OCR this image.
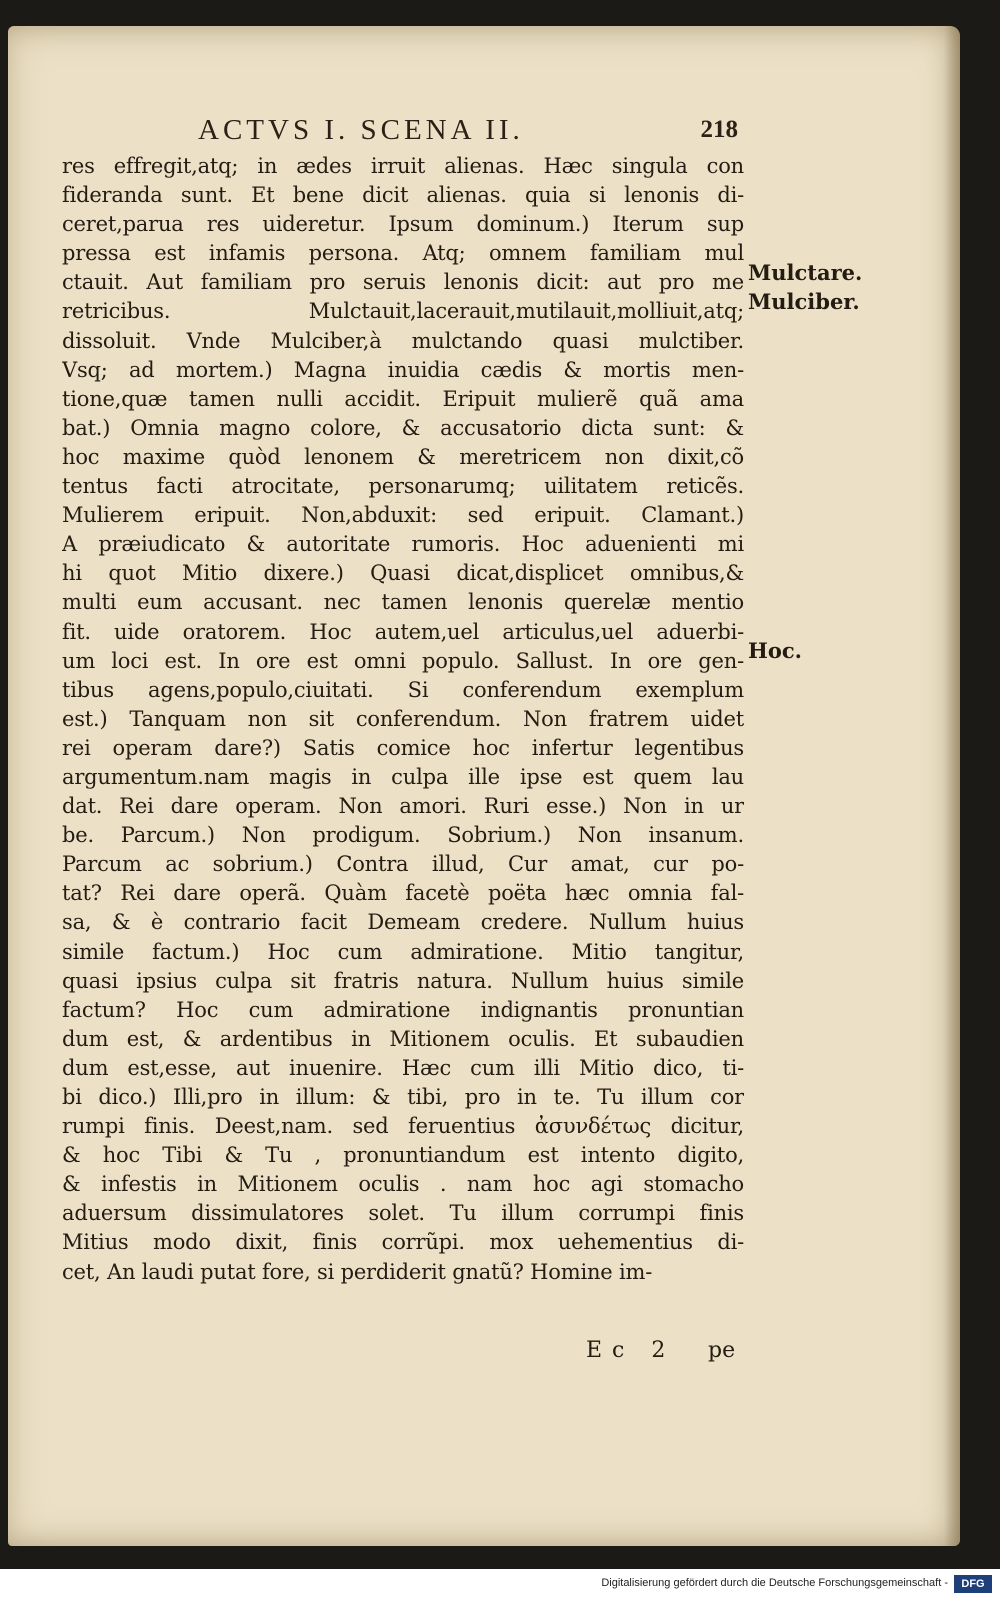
ACTVS I. SCENA II.	218
res effregit,atq; in ædes irruit alienas. Hæc singula con
fideranda sunt. Et bene dicit alienas. quia si lenonis di-
ceret,parua res uideretur. Ipsum dominum.) Iterum sup
pressa est infamis persona. Atq; omnem familiam mul
ctauit. Aut familiam pro seruis lenonis dicit: aut pro me
retricibus. Mulctauit,lacerauit,mutilauit,molliuit,atq;
dissoluit. Vnde Mulciber,à mulctando quasi mulctiber.
Vsq; ad mortem.) Magna inuidia cædis & mortis men-
tione,quæ tamen nulli accidit. Eripuit mulierẽ quã ama
bat.) Omnia magno colore, & accusatorio dicta sunt: &
hoc maxime quòd lenonem & meretricem non dixit,cõ
tentus facti atrocitate, personarumq; uilitatem reticẽs.
Mulierem eripuit. Non,abduxit: sed eripuit. Clamant.)
A præiudicato & autoritate rumoris. Hoc aduenienti mi
hi quot Mitio dixere.) Quasi dicat,displicet omnibus,&
multi eum accusant. nec tamen lenonis querelæ mentio
fit. uide oratorem. Hoc autem,uel articulus,uel aduerbi-
um loci est. In ore est omni populo. Sallust. In ore gen-
tibus agens,populo,ciuitati. Si conferendum exemplum
est.) Tanquam non sit conferendum. Non fratrem uidet
rei operam dare?) Satis comice hoc infertur legentibus
argumentum.nam magis in culpa ille ipse est quem lau
dat. Rei dare operam. Non amori. Ruri esse.) Non in ur
be. Parcum.) Non prodigum. Sobrium.) Non insanum.
Parcum ac sobrium.) Contra illud, Cur amat, cur po-
tat? Rei dare operã. Quàm facetè poëta hæc omnia fal-
sa, & è contrario facit Demeam credere. Nullum huius
simile factum.) Hoc cum admiratione. Mitio tangitur,
quasi ipsius culpa sit fratris natura. Nullum huius simile
factum? Hoc cum admiratione indignantis pronuntian
dum est, & ardentibus in Mitionem oculis. Et subaudien
dum est,esse, aut inuenire. Hæc cum illi Mitio dico, ti-
bi dico.) Illi,pro in illum: & tibi, pro in te. Tu illum cor
rumpi finis. Deest,nam. sed feruentius ἀσυνδέτως dicitur,
& hoc Tibi & Tu , pronuntiandum est intento digito,
& infestis in Mitionem oculis . nam hoc agi stomacho
aduersum dissimulatores solet. Tu illum corrumpi finis
Mitius modo dixit, finis corrũpi. mox uehementius di-
cet, An laudi putat fore, si perdiderit gnatũ? Homine im-
Mulctare.
Mulciber.
Hoc.
Ec 2 pe
Digitalisierung gefördert durch die Deutsche Forschungsgemeinschaft -	DFG
